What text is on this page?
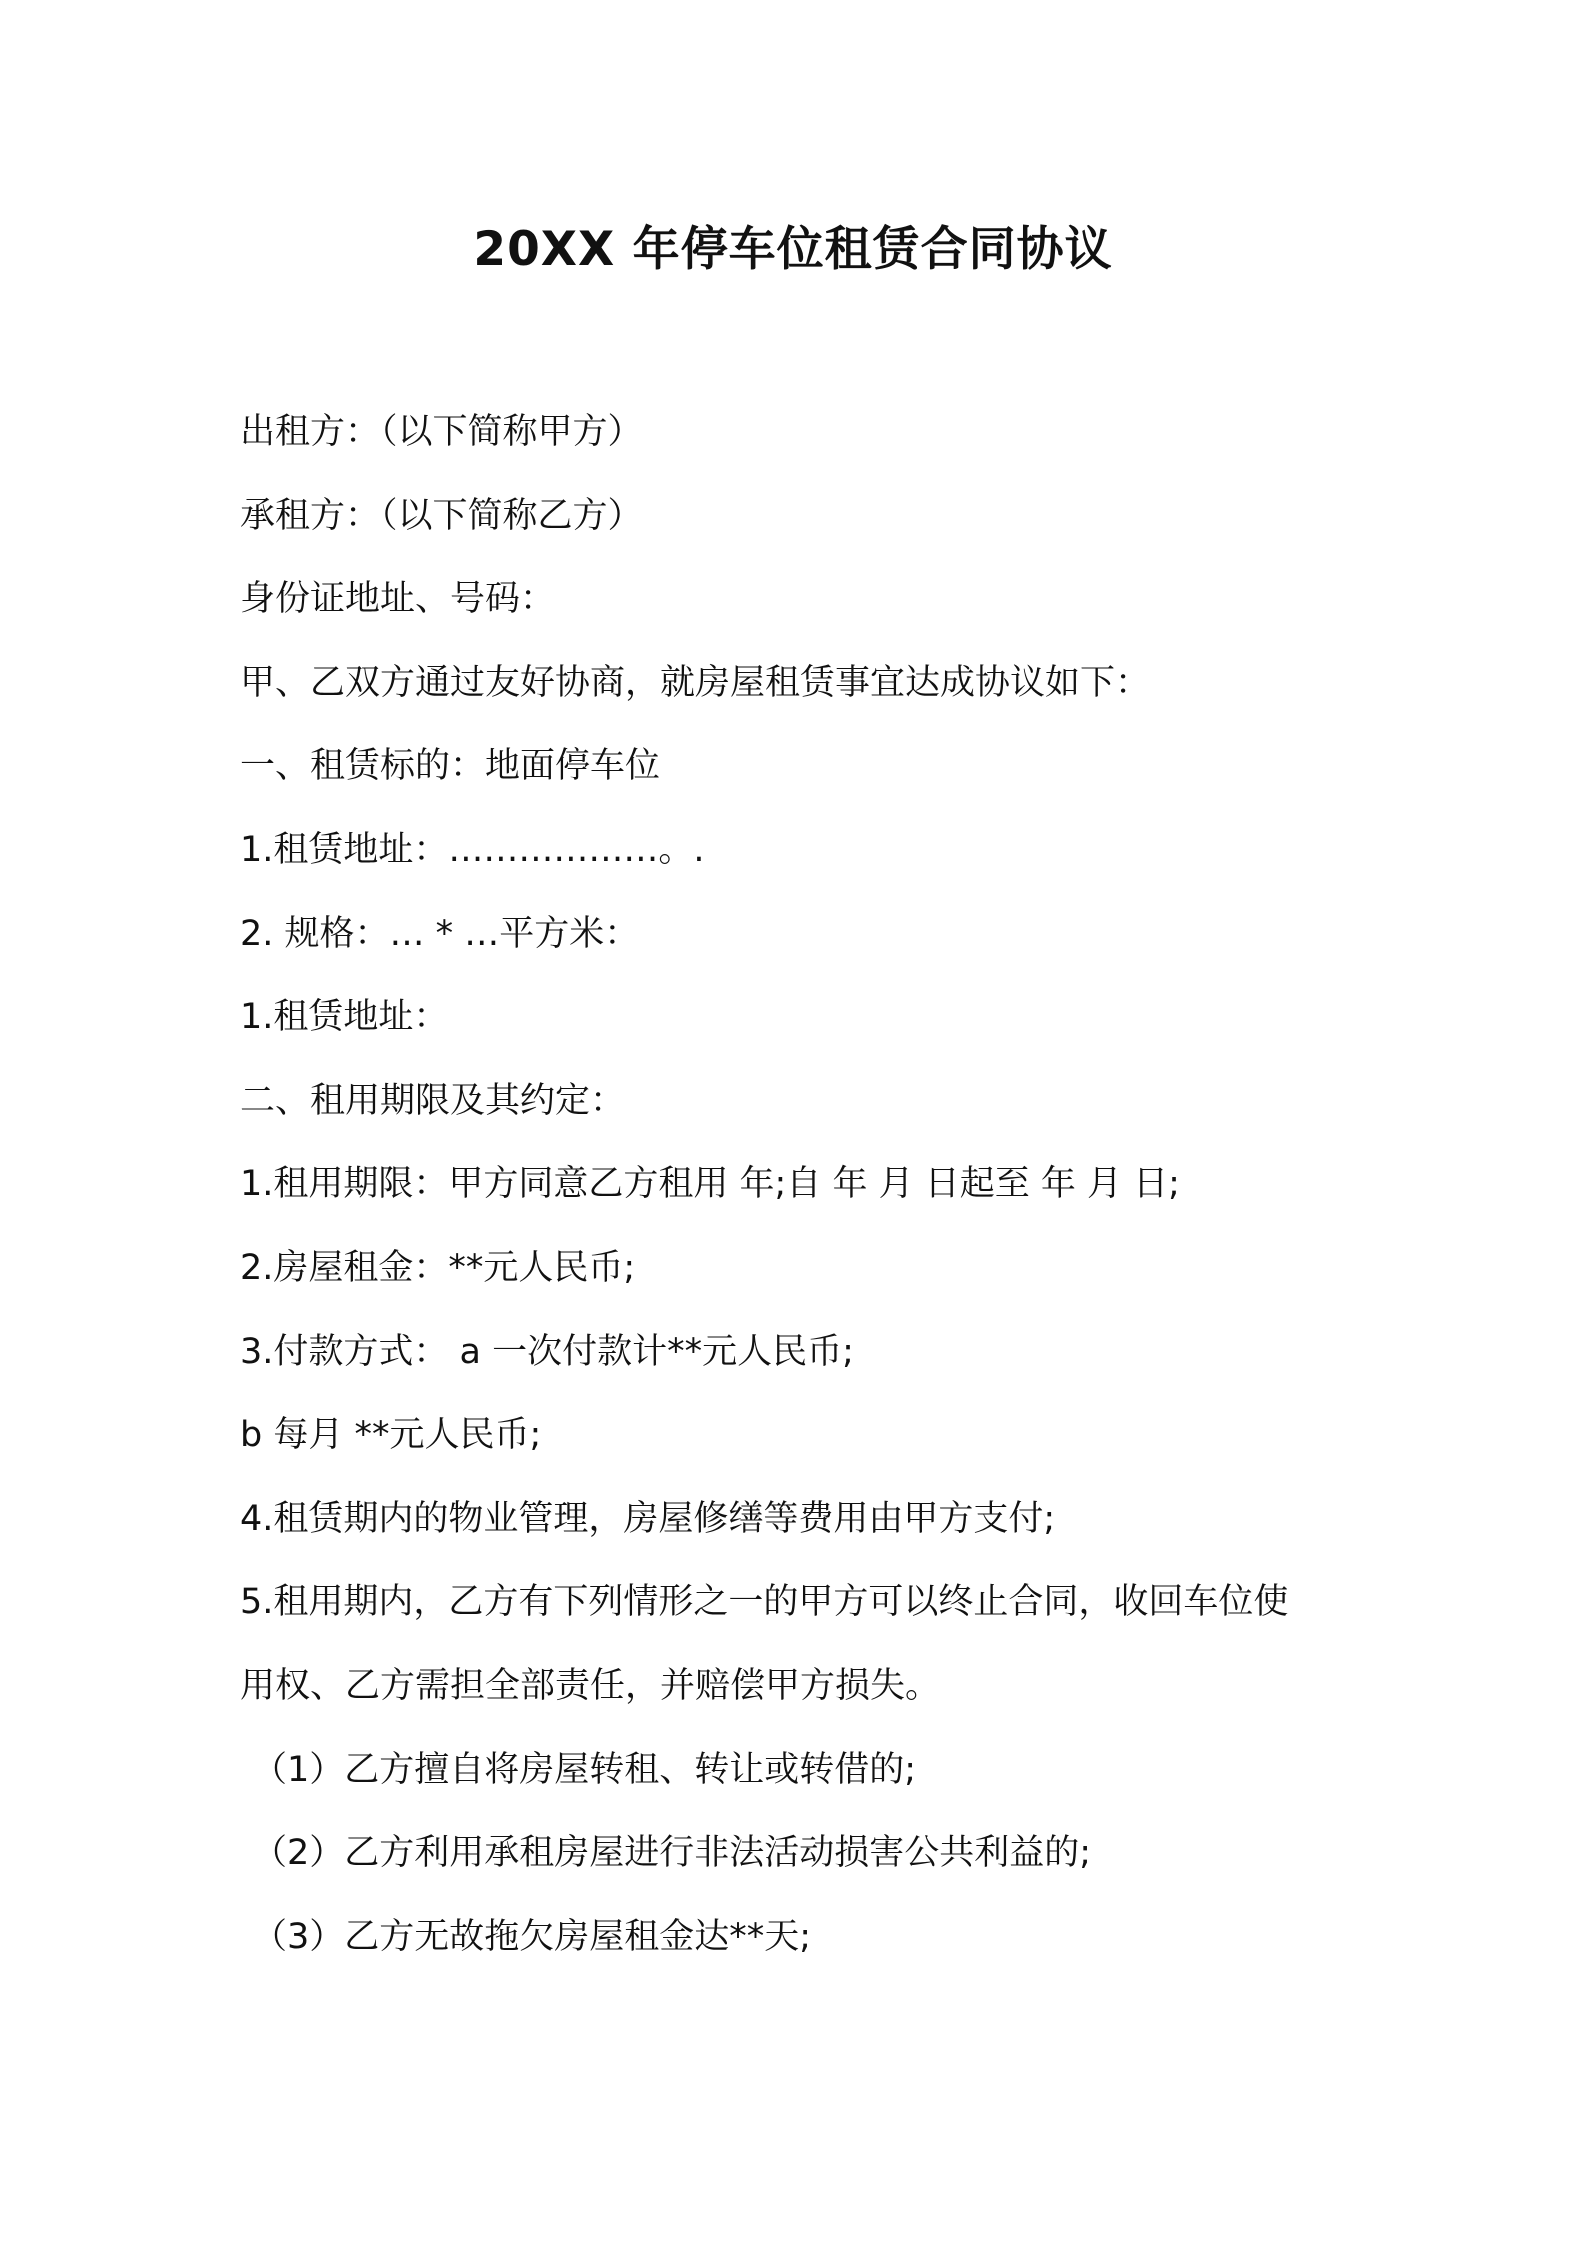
20XX 年停车位租赁合同协议
出租方：（以下简称甲方）
承租方：（以下简称乙方）
身份证地址、号码：
甲、乙双方通过友好协商，就房屋租赁事宜达成协议如下：
一、租赁标的：地面停车位
1.租赁地址：………………。.
2. 规格：… * …平方米：
1.租赁地址：
二、租用期限及其约定：
1.租用期限：甲方同意乙方租用 年;自 年 月 日起至 年 月 日;
2.房屋租金：**元人民币;
3.付款方式： a 一次付款计**元人民币;
b 每月 **元人民币;
4.租赁期内的物业管理，房屋修缮等费用由甲方支付;
5.租用期内，乙方有下列情形之一的甲方可以终止合同，收回车位使
用权、乙方需担全部责任，并赔偿甲方损失。
（1）乙方擅自将房屋转租、转让或转借的;
（2）乙方利用承租房屋进行非法活动损害公共利益的;
（3）乙方无故拖欠房屋租金达**天;
